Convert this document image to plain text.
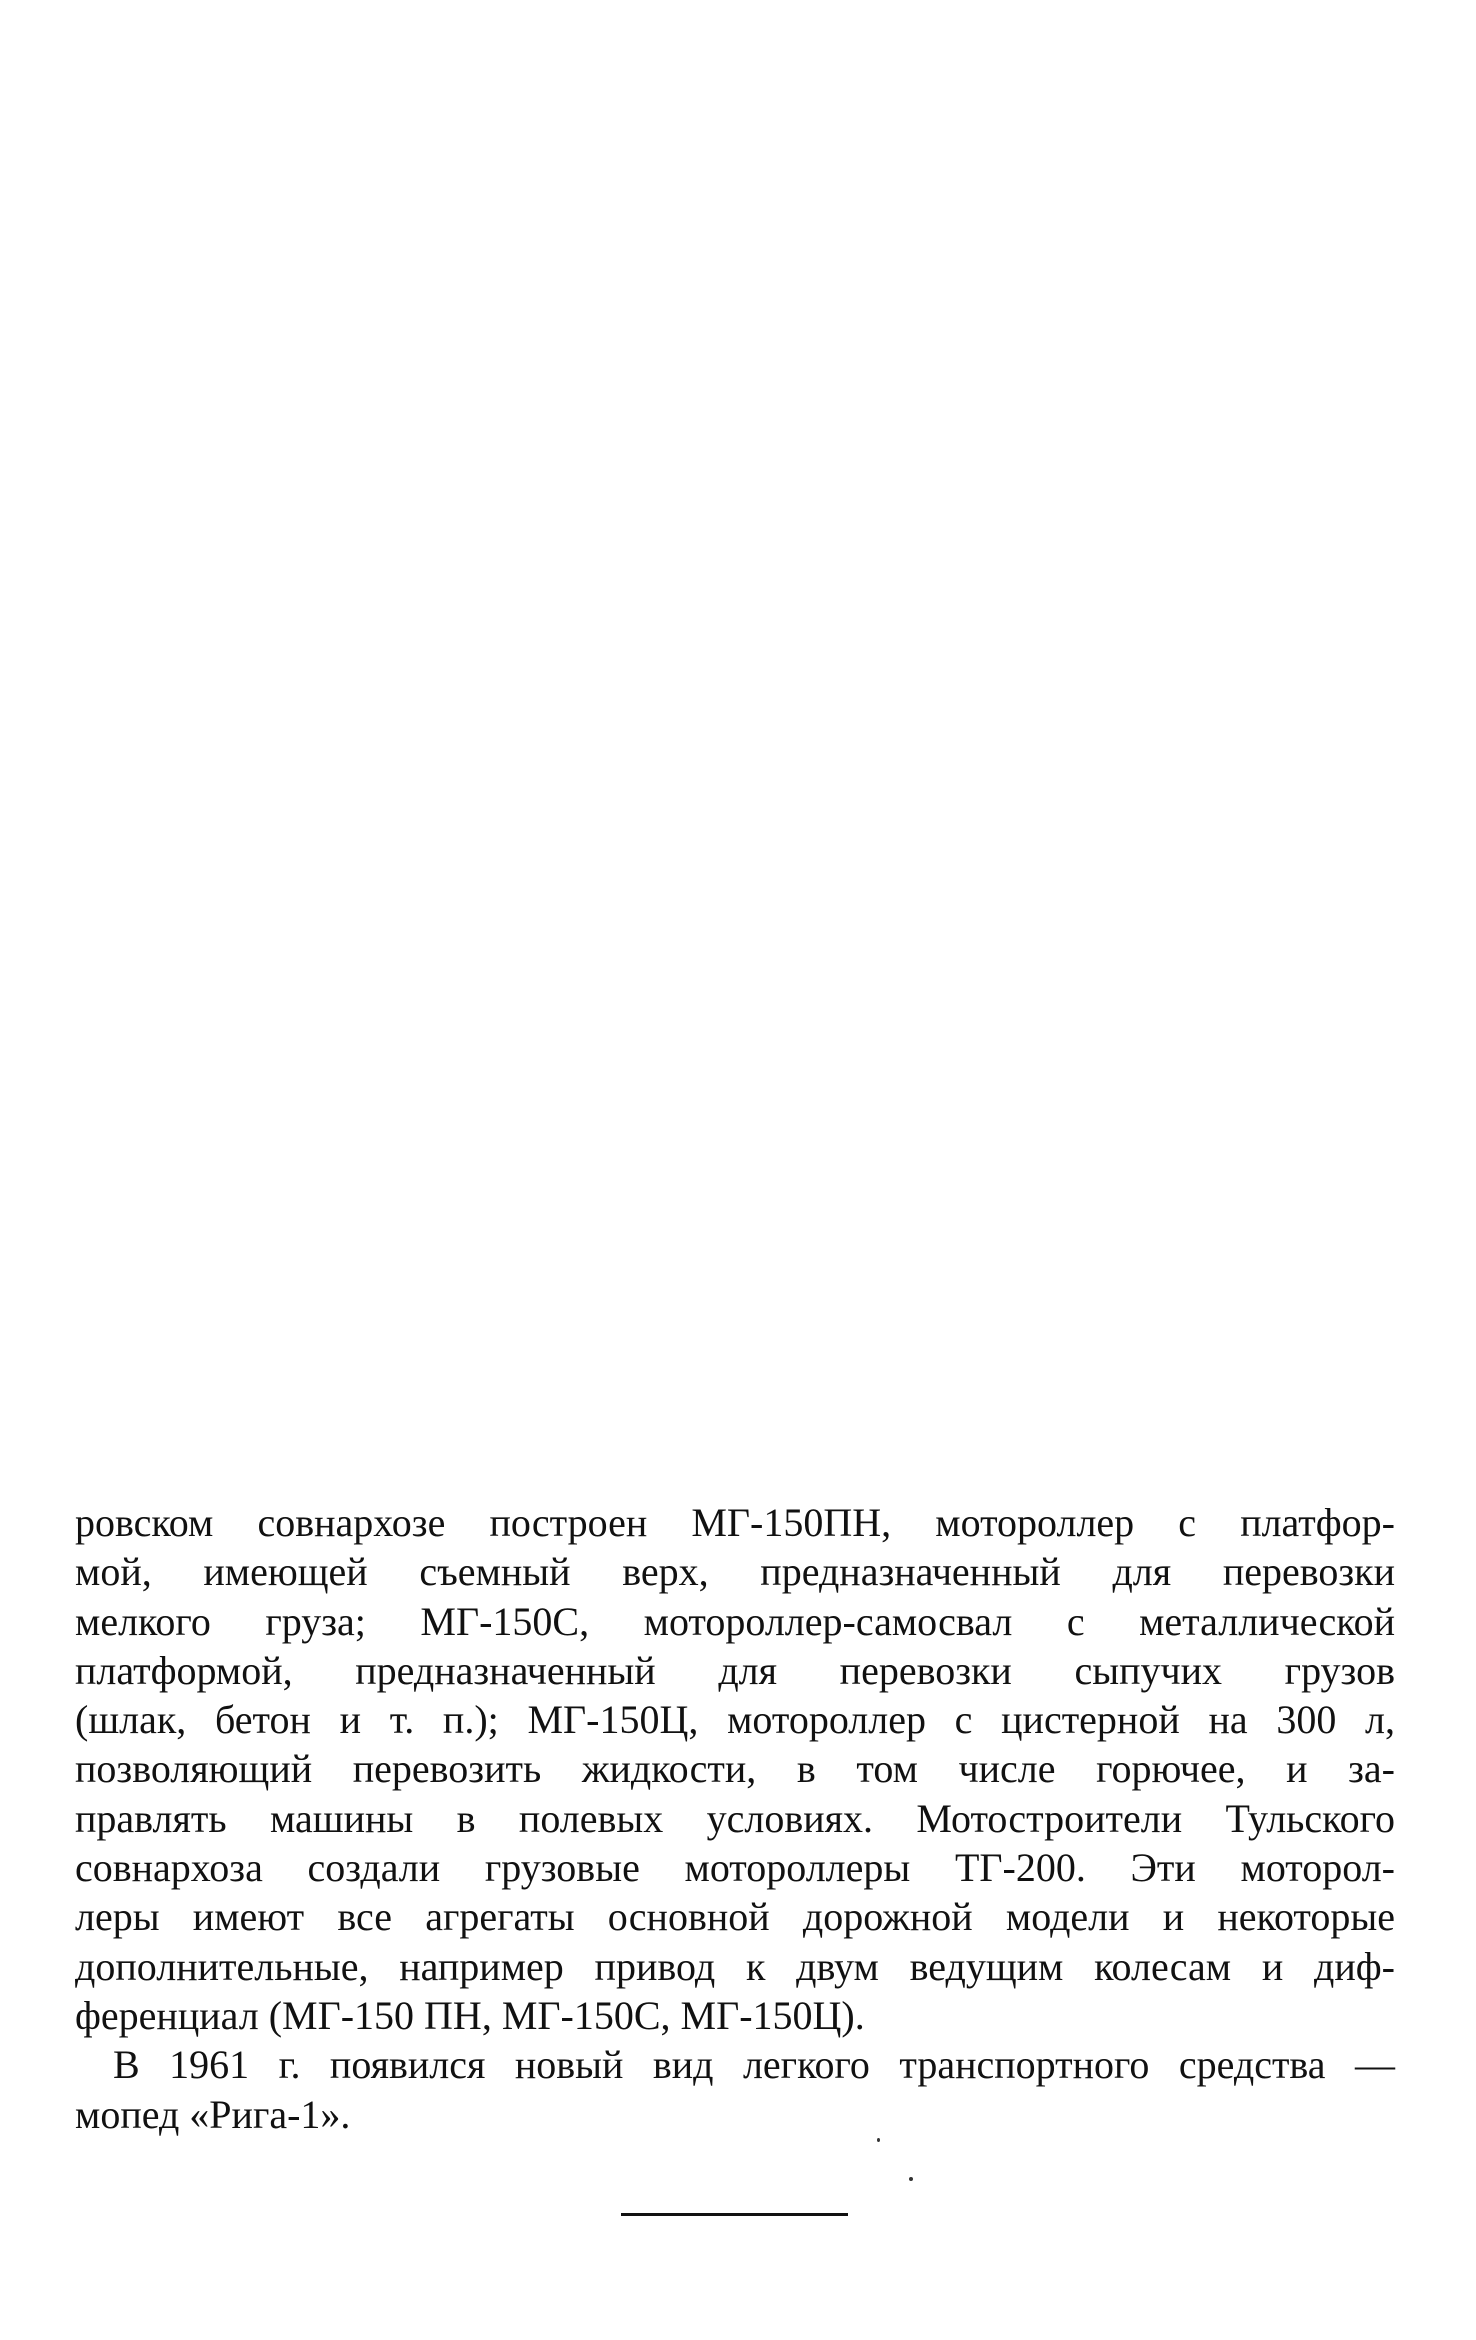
ровском совнархозе построен МГ-150ПН, мотороллер с платфор-
мой, имеющей съемный верх, предназначенный для перевозки
мелкого груза; МГ-150С, мотороллер-самосвал с металлической
платформой, предназначенный для перевозки сыпучих грузов
(шлак, бетон и т. п.); МГ-150Ц, мотороллер с цистерной на 300 л,
позволяющий перевозить жидкости, в том числе горючее, и за-
правлять машины в полевых условиях. Мотостроители Тульского
совнархоза создали грузовые мотороллеры ТГ-200. Эти моторол-
леры имеют все агрегаты основной дорожной модели и некоторые
дополнительные, например привод к двум ведущим колесам и диф-
ференциал (МГ-150 ПН, МГ-150С, МГ-150Ц).
В 1961 г. появился новый вид легкого транспортного средства —
мопед «Рига-1».
